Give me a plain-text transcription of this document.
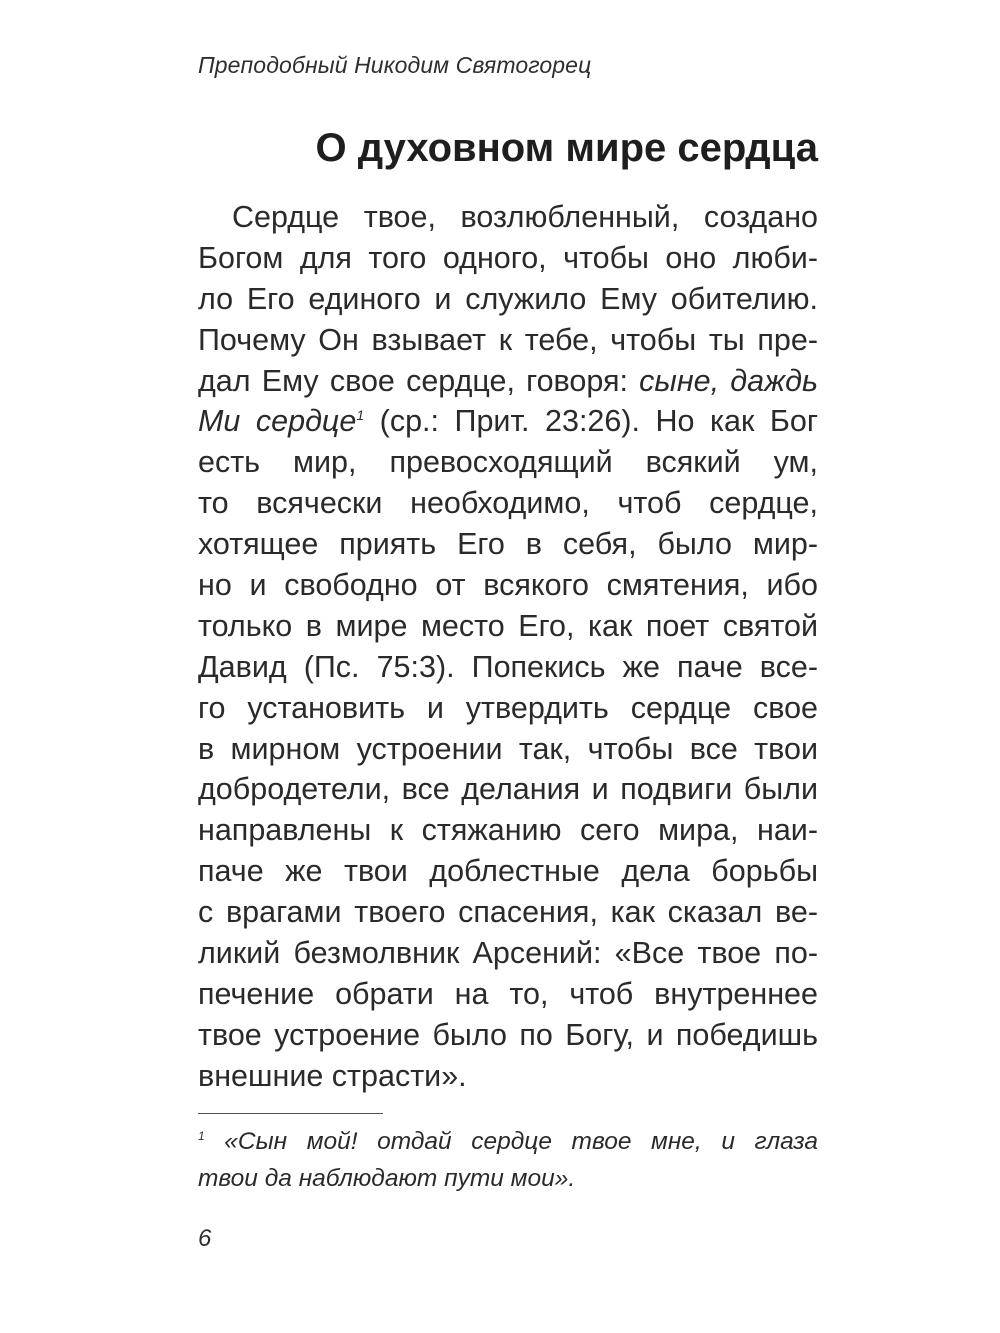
Преподобный Никодим Святогорец
О духовном мире сердца
Сердце твое, возлюбленный, создано
Богом для того одного, чтобы оно люби-
ло Его единого и служило Ему обителию.
Почему Он взывает к тебе, чтобы ты пре-
дал Ему свое сердце, говоря: сыне, даждь
Ми сердце$^1$ (ср.: Прит. 23:26). Но как Бог
есть мир, превосходящий всякий ум,
то всячески необходимо, чтоб сердце,
хотящее приять Его в себя, было мир-
но и свободно от всякого смятения, ибо
только в мире место Его, как поет святой
Давид (Пс. 75:3). Попекись же паче все-
го установить и утвердить сердце свое
в мирном устроении так, чтобы все твои
добродетели, все делания и подвиги были
направлены к стяжанию сего мира, наи-
паче же твои доблестные дела борьбы
с врагами твоего спасения, как сказал ве-
ликий безмолвник Арсений: «Все твое по-
печение обрати на то, чтоб внутреннее
твое устроение было по Богу, и победишь
внешние страсти».
$^1$ «Сын мой! отдай сердце твое мне, и глаза
твои да наблюдают пути мои».
6
